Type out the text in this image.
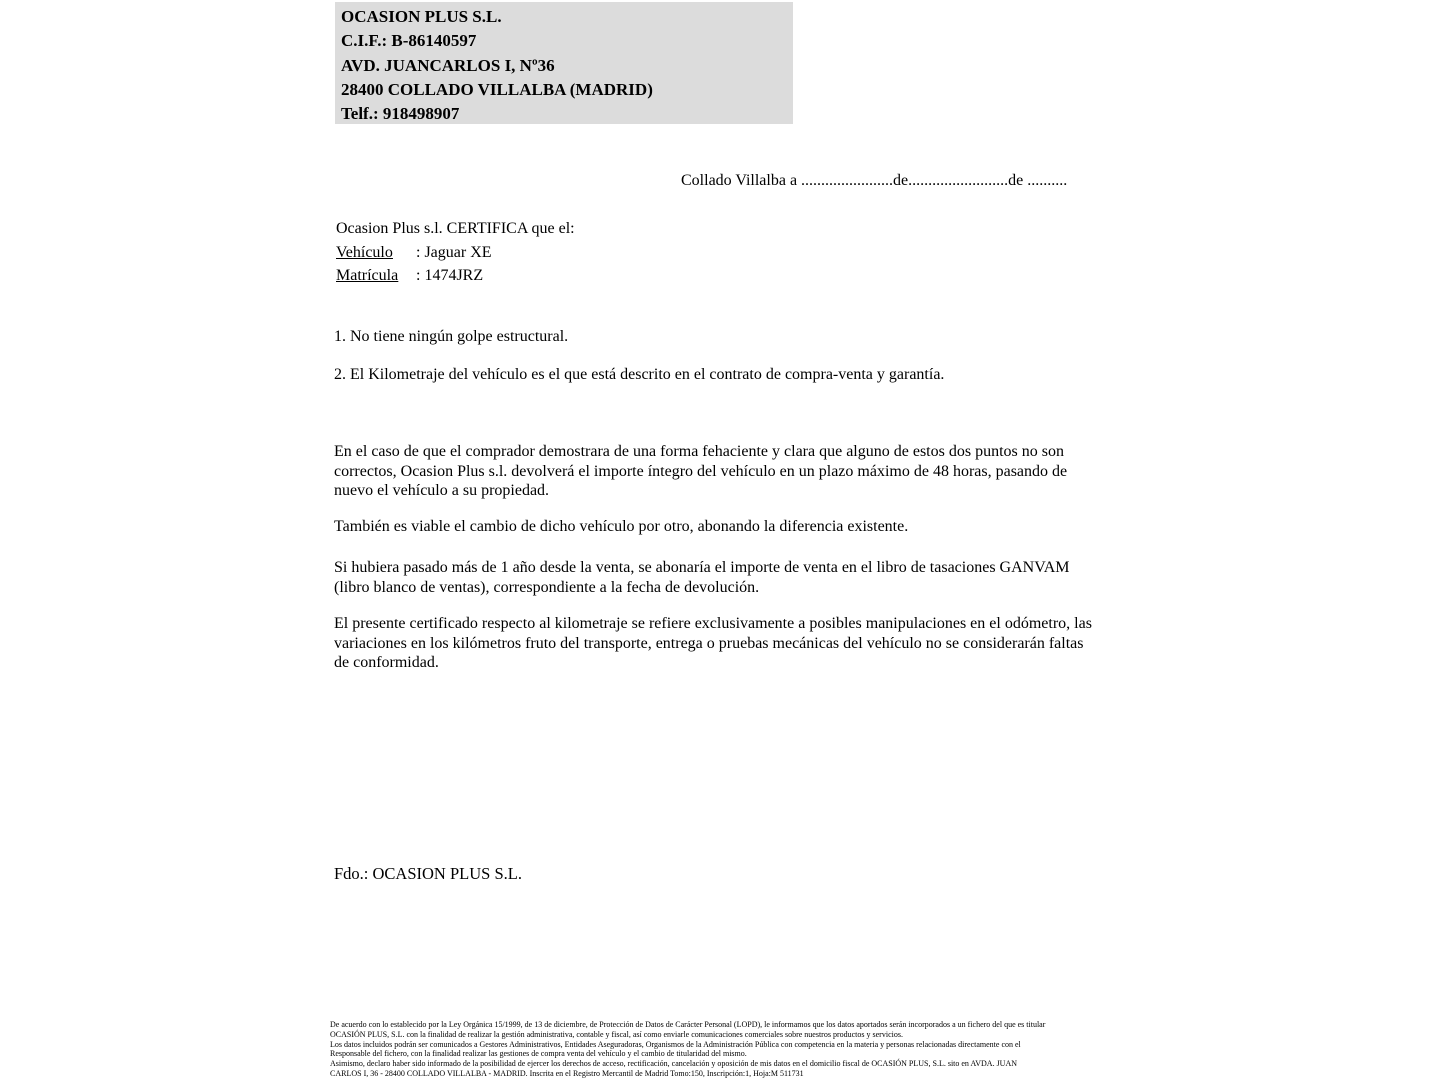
OCASION PLUS S.L.
C.I.F.: B-86140597
AVD. JUANCARLOS I, Nº36
28400 COLLADO VILLALBA (MADRID)
Telf.: 918498907
Collado Villalba a .......................de.........................de ..........
Ocasion Plus s.l. CERTIFICA que el:
Vehículo : Jaguar XE
Matrícula : 1474JRZ
1. No tiene ningún golpe estructural.
2. El Kilometraje del vehículo es el que está descrito en el contrato de compra-venta y garantía.
En el caso de que el comprador demostrara de una forma fehaciente y clara que alguno de estos dos puntos no son correctos, Ocasion Plus s.l. devolverá el importe íntegro del vehículo en un plazo máximo de 48 horas, pasando de nuevo el vehículo a su propiedad.
También es viable el cambio de dicho vehículo por otro, abonando la diferencia existente.
Si hubiera pasado más de 1 año desde la venta, se abonaría el importe de venta en el libro de tasaciones GANVAM (libro blanco de ventas), correspondiente a la fecha de devolución.
El presente certificado respecto al kilometraje se refiere exclusivamente a posibles manipulaciones en el odómetro, las variaciones en los kilómetros fruto del transporte, entrega o pruebas mecánicas del vehículo no se considerarán faltas de conformidad.
Fdo.: OCASION PLUS S.L.
De acuerdo con lo establecido por la Ley Orgánica 15/1999, de 13 de diciembre, de Protección de Datos de Carácter Personal (LOPD), le informamos que los datos aportados serán incorporados a un fichero del que es titular
OCASIÓN PLUS, S.L. con la finalidad de realizar la gestión administrativa, contable y fiscal, así como enviarle comunicaciones comerciales sobre nuestros productos y servicios.
Los datos incluidos podrán ser comunicados a Gestores Administrativos, Entidades Aseguradoras, Organismos de la Administración Pública con competencia en la materia y personas relacionadas directamente con el
Responsable del fichero, con la finalidad realizar las gestiones de compra venta del vehículo y el cambio de titularidad del mismo.
Asimismo, declaro haber sido informado de la posibilidad de ejercer los derechos de acceso, rectificación, cancelación y oposición de mis datos en el domicilio fiscal de OCASIÓN PLUS, S.L. sito en AVDA. JUAN
CARLOS I, 36 - 28400 COLLADO VILLALBA - MADRID. Inscrita en el Registro Mercantil de Madrid Tomo:150, Inscripción:1, Hoja:M 511731
